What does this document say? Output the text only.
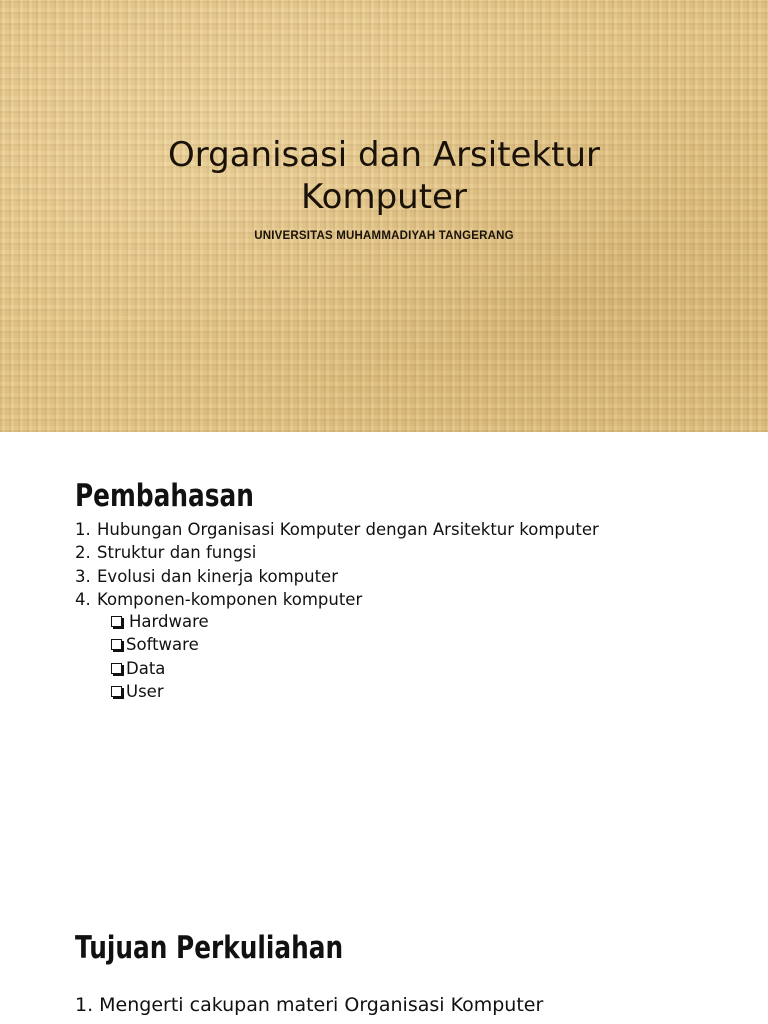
Organisasi dan Arsitektur
Komputer
UNIVERSITAS MUHAMMADIYAH TANGERANG
Pembahasan
1. Hubungan Organisasi Komputer dengan Arsitektur komputer
2. Struktur dan fungsi
3. Evolusi dan kinerja komputer
4. Komponen-komponen komputer
Hardware
Software
Data
User
Tujuan Perkuliahan
1. Mengerti cakupan materi Organisasi Komputer
